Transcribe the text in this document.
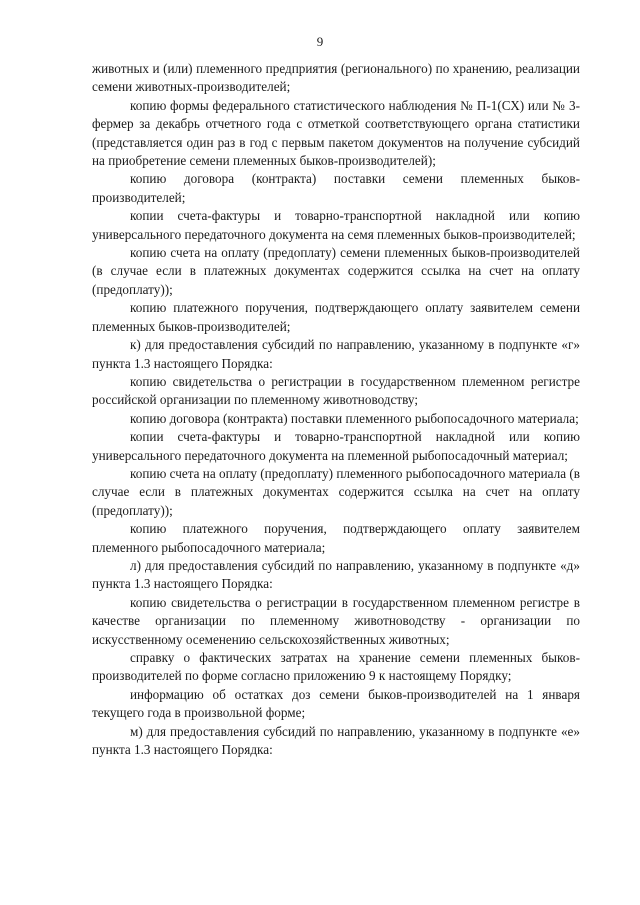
9

животных и (или) племенного предприятия (регионального) по хранению, реализации семени животных-производителей;

копию формы федерального статистического наблюдения № П-1(СХ) или № 3-фермер за декабрь отчетного года с отметкой соответствующего органа статистики (представляется один раз в год с первым пакетом документов на получение субсидий на приобретение семени племенных быков-производителей);

копию договора (контракта) поставки семени племенных быков-производителей;

копии счета-фактуры и товарно-транспортной накладной или копию универсального передаточного документа на семя племенных быков-производителей;

копию счета на оплату (предоплату) семени племенных быков-производителей (в случае если в платежных документах содержится ссылка на счет на оплату (предоплату));

копию платежного поручения, подтверждающего оплату заявителем семени племенных быков-производителей;

к) для предоставления субсидий по направлению, указанному в подпункте «г» пункта 1.3 настоящего Порядка:

копию свидетельства о регистрации в государственном племенном регистре российской организации по племенному животноводству;

копию договора (контракта) поставки племенного рыбопосадочного материала;

копии счета-фактуры и товарно-транспортной накладной или копию универсального передаточного документа на племенной рыбопосадочный материал;

копию счета на оплату (предоплату) племенного рыбопосадочного материала (в случае если в платежных документах содержится ссылка на счет на оплату (предоплату));

копию платежного поручения, подтверждающего оплату заявителем племенного рыбопосадочного материала;

л) для предоставления субсидий по направлению, указанному в подпункте «д» пункта 1.3 настоящего Порядка:

копию свидетельства о регистрации в государственном племенном регистре в качестве организации по племенному животноводству - организации по искусственному осеменению сельскохозяйственных животных;

справку о фактических затратах на хранение семени племенных быков-производителей по форме согласно приложению 9 к настоящему Порядку;

информацию об остатках доз семени быков-производителей на 1 января текущего года в произвольной форме;

м) для предоставления субсидий по направлению, указанному в подпункте «е» пункта 1.3 настоящего Порядка:
